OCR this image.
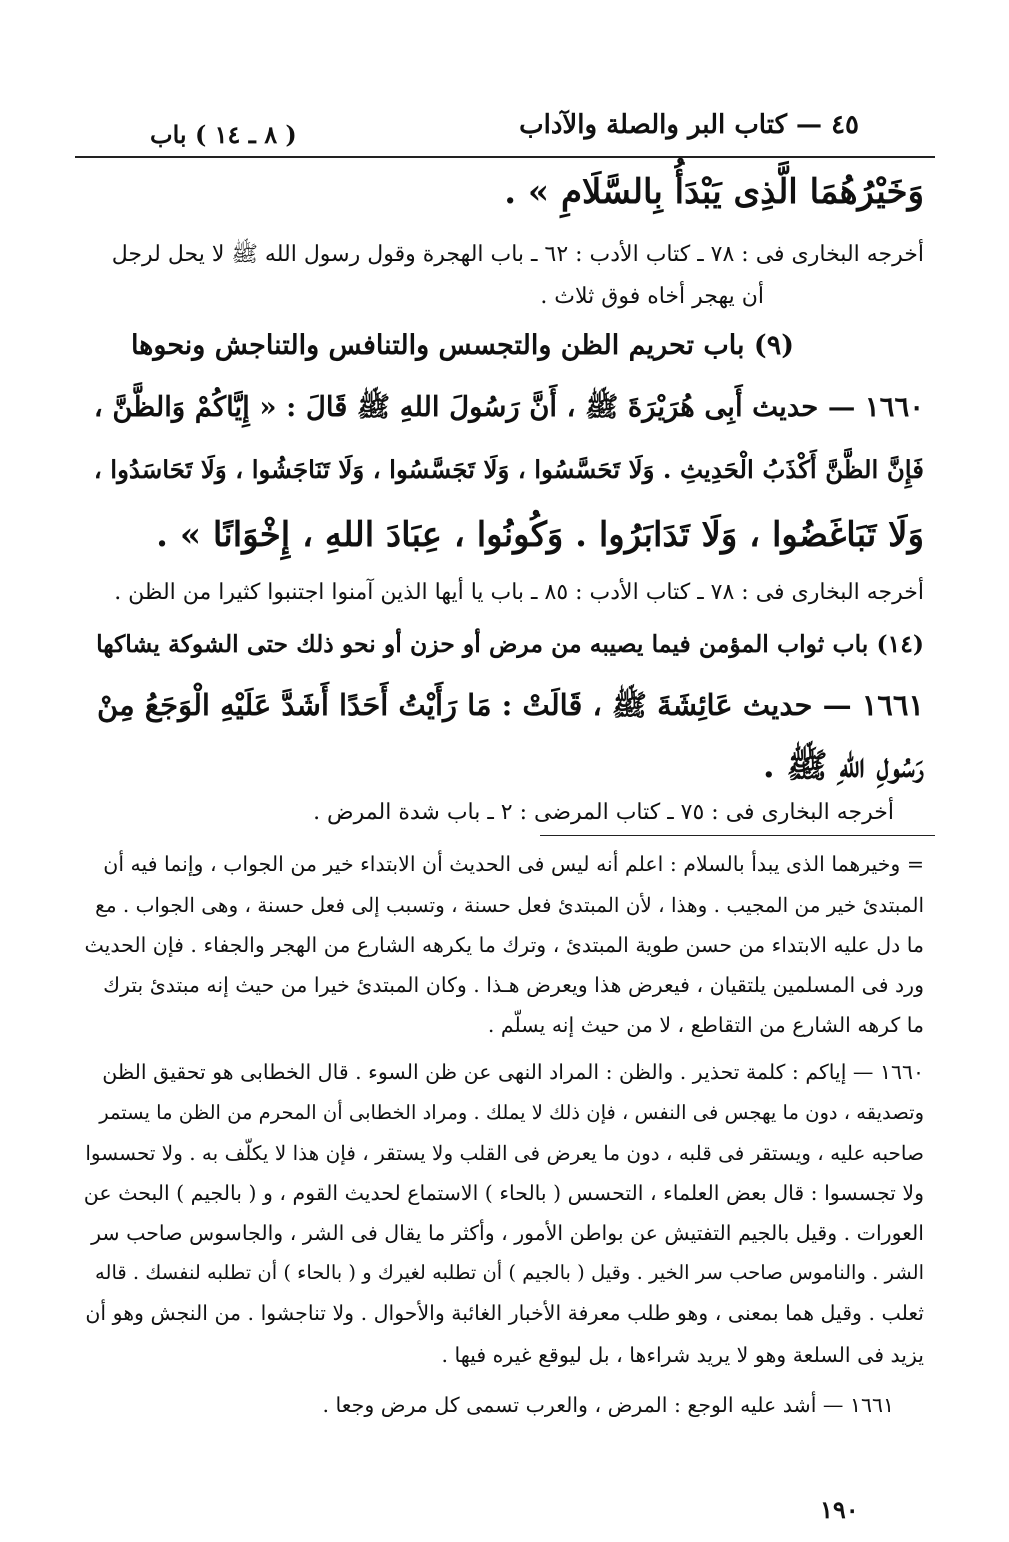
٤٥ — كتاب البر والصلة والآداب
( ٨ ـ ١٤ ) باب
وَخَيْرُهُمَا الَّذِى يَبْدَأُ بِالسَّلَامِ » .
أخرجه البخارى فى : ٧٨ ـ كتاب الأدب : ٦٢ ـ باب الهجرة وقول رسول الله ﷺ لا يحل لرجل
أن يهجر أخاه فوق ثلاث .
(٩) باب تحريم الظن والتجسس والتنافس والتناجش ونحوها
١٦٦٠ — حديث أَبِى هُرَيْرَةَ ﷺ ، أَنَّ رَسُولَ اللهِ ﷺ قَالَ : « إِيَّاكُمْ وَالظَّنَّ ،
فَإِنَّ الظَّنَّ أَكْذَبُ الْحَدِيثِ . وَلَا تَحَسَّسُوا ، وَلَا تَجَسَّسُوا ، وَلَا تَنَاجَشُوا ، وَلَا تَحَاسَدُوا ،
وَلَا تَبَاغَضُوا ، وَلَا تَدَابَرُوا . وَكُونُوا ، عِبَادَ اللهِ ، إِخْوَانًا » .
أخرجه البخارى فى : ٧٨ ـ كتاب الأدب : ٨٥ ـ باب يا أيها الذين آمنوا اجتنبوا كثيرا من الظن .
(١٤) باب ثواب المؤمن فيما يصيبه من مرض أو حزن أو نحو ذلك حتى الشوكة يشاكها
١٦٦١ — حديث عَائِشَةَ ﷺ ، قَالَتْ : مَا رَأَيْتُ أَحَدًا أَشَدَّ عَلَيْهِ الْوَجَعُ مِنْ
رَسُولِ اللهِ ﷺ .
أخرجه البخارى فى : ٧٥ ـ كتاب المرضى : ٢ ـ باب شدة المرض .
= وخيرهما الذى يبدأ بالسلام : اعلم أنه ليس فى الحديث أن الابتداء خير من الجواب ، وإنما فيه أن
المبتدئ خير من المجيب . وهذا ، لأن المبتدئ فعل حسنة ، وتسبب إلى فعل حسنة ، وهى الجواب . مع
ما دل عليه الابتداء من حسن طوية المبتدئ ، وترك ما يكرهه الشارع من الهجر والجفاء . فإن الحديث
ورد فى المسلمين يلتقيان ، فيعرض هذا ويعرض هـذا . وكان المبتدئ خيرا من حيث إنه مبتدئ بترك
ما كرهه الشارع من التقاطع ، لا من حيث إنه يسلّم .
١٦٦٠ — إياكم : كلمة تحذير . والظن : المراد النهى عن ظن السوء . قال الخطابى هو تحقيق الظن
وتصديقه ، دون ما يهجس فى النفس ، فإن ذلك لا يملك . ومراد الخطابى أن المحرم من الظن ما يستمر
صاحبه عليه ، ويستقر فى قلبه ، دون ما يعرض فى القلب ولا يستقر ، فإن هذا لا يكلّف به . ولا تحسسوا
ولا تجسسوا : قال بعض العلماء ، التحسس ( بالحاء ) الاستماع لحديث القوم ، و ( بالجيم ) البحث عن
العورات . وقيل بالجيم التفتيش عن بواطن الأمور ، وأكثر ما يقال فى الشر ، والجاسوس صاحب سر
الشر . والناموس صاحب سر الخير . وقيل ( بالجيم ) أن تطلبه لغيرك و ( بالحاء ) أن تطلبه لنفسك . قاله
ثعلب . وقيل هما بمعنى ، وهو طلب معرفة الأخبار الغائبة والأحوال . ولا تناجشوا . من النجش وهو أن
يزيد فى السلعة وهو لا يريد شراءها ، بل ليوقع غيره فيها .
١٦٦١ — أشد عليه الوجع : المرض ، والعرب تسمى كل مرض وجعا .
١٩٠
